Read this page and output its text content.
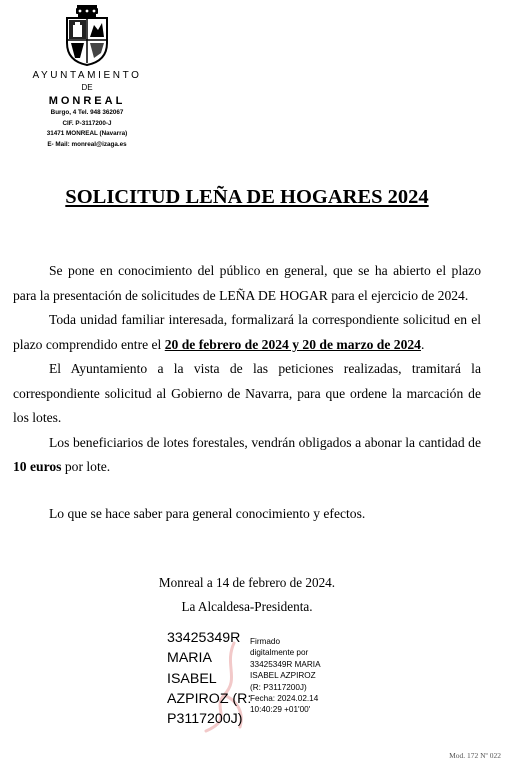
AYUNTAMIENTO
DE
MONREAL
Burgo, 4 Tel. 948 362067
CIF. P-3117200-J
31471 MONREAL (Navarra)
E- Mail: monreal@izaga.es
SOLICITUD LEÑA DE HOGARES 2024

Se pone en conocimiento del público en general, que se ha abierto el plazo para la presentación de solicitudes de LEÑA DE HOGAR para el ejercicio de 2024.

Toda unidad familiar interesada, formalizará la correspondiente solicitud en el plazo comprendido entre el 20 de febrero de 2024 y 20 de marzo de 2024.

El Ayuntamiento a la vista de las peticiones realizadas, tramitará la correspondiente solicitud al Gobierno de Navarra, para que ordene la marcación de los lotes.

Los beneficiarios de lotes forestales, vendrán obligados a abonar la cantidad de 10 euros por lote.

Lo que se hace saber para general conocimiento y efectos.

Monreal a 14 de febrero de 2024.
La Alcaldesa-Presidenta.
33425349R
MARIA
ISABEL
AZPIROZ (R:
P3117200J)
Firmado
digitalmente por
33425349R MARIA
ISABEL AZPIROZ
(R: P3117200J)
Fecha: 2024.02.14
10:40:29 +01'00'
Mod. 172 Nº 022
